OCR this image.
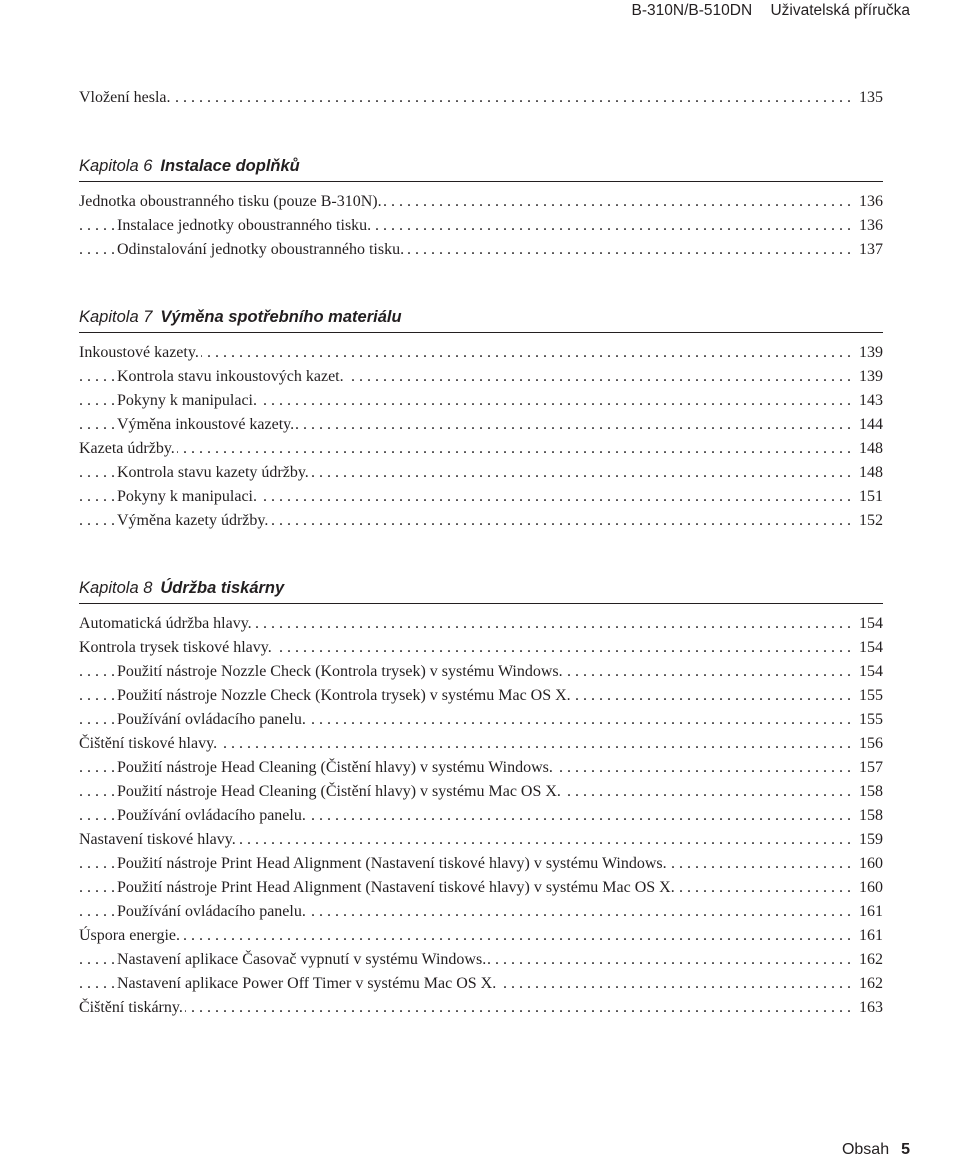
B-310N/B-510DN Uživatelská příručka
. . . Vložení hesla.	135
Kapitola 6 Instalace doplňků
. . . Jednotka oboustranného tisku (pouze B-310N).	136
. . . Instalace jednotky oboustranného tisku.	136
. . . Odinstalování jednotky oboustranného tisku.	137
Kapitola 7 Výměna spotřebního materiálu
. . . Inkoustové kazety.	139
. . . Kontrola stavu inkoustových kazet.	139
. . . Pokyny k manipulaci.	143
. . . Výměna inkoustové kazety.	144
. . . Kazeta údržby.	148
. . . Kontrola stavu kazety údržby.	148
. . . Pokyny k manipulaci.	151
. . . Výměna kazety údržby.	152
Kapitola 8 Údržba tiskárny
. . . Automatická údržba hlavy.	154
. . . Kontrola trysek tiskové hlavy.	154
. . . Použití nástroje Nozzle Check (Kontrola trysek) v systému Windows.	154
. . . Použití nástroje Nozzle Check (Kontrola trysek) v systému Mac OS X.	155
. . . Používání ovládacího panelu.	155
. . . Čištění tiskové hlavy.	156
. . . Použití nástroje Head Cleaning (Čistění hlavy) v systému Windows.	157
. . . Použití nástroje Head Cleaning (Čistění hlavy) v systému Mac OS X.	158
. . . Používání ovládacího panelu.	158
. . . Nastavení tiskové hlavy.	159
. . . Použití nástroje Print Head Alignment (Nastavení tiskové hlavy) v systému Windows.	160
. . . Použití nástroje Print Head Alignment (Nastavení tiskové hlavy) v systému Mac OS X.	160
. . . Používání ovládacího panelu.	161
. . . Úspora energie.	161
. . . Nastavení aplikace Časovač vypnutí v systému Windows.	162
. . . Nastavení aplikace Power Off Timer v systému Mac OS X.	162
. . . Čištění tiskárny.	163
Obsah 5
